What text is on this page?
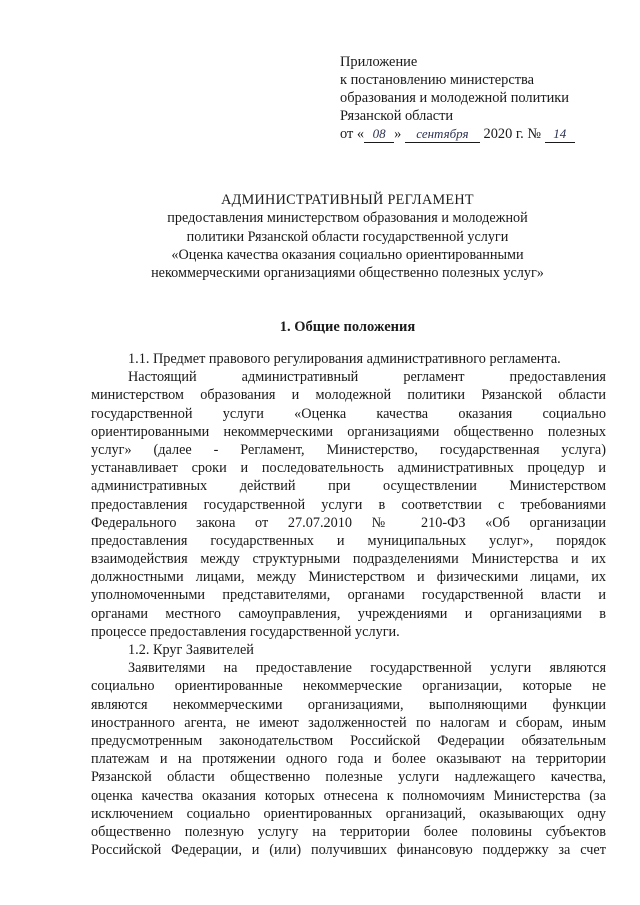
Приложение
к постановлению министерства
образования и молодежной политики
Рязанской области
от « 08 » сентября 2020 г. № 14
АДМИНИСТРАТИВНЫЙ РЕГЛАМЕНТ
предоставления министерством образования и молодежной
политики Рязанской области государственной услуги
«Оценка качества оказания социально ориентированными
некоммерческими организациями общественно полезных услуг»
1. Общие положения
1.1. Предмет правового регулирования административного регламента.
Настоящий административный регламент предоставления
министерством образования и молодежной политики Рязанской области
государственной услуги «Оценка качества оказания социально
ориентированными некоммерческими организациями общественно полезных
услуг» (далее - Регламент, Министерство, государственная услуга)
устанавливает сроки и последовательность административных процедур и
административных действий при осуществлении Министерством
предоставления государственной услуги в соответствии с требованиями
Федерального закона от 27.07.2010 № 210-ФЗ «Об организации
предоставления государственных и муниципальных услуг», порядок
взаимодействия между структурными подразделениями Министерства и их
должностными лицами, между Министерством и физическими лицами, их
уполномоченными представителями, органами государственной власти и
органами местного самоуправления, учреждениями и организациями в
процессе предоставления государственной услуги.
1.2. Круг Заявителей
Заявителями на предоставление государственной услуги являются
социально ориентированные некоммерческие организации, которые не
являются некоммерческими организациями, выполняющими функции
иностранного агента, не имеют задолженностей по налогам и сборам, иным
предусмотренным законодательством Российской Федерации обязательным
платежам и на протяжении одного года и более оказывают на территории
Рязанской области общественно полезные услуги надлежащего качества,
оценка качества оказания которых отнесена к полномочиям Министерства (за
исключением социально ориентированных организаций, оказывающих одну
общественно полезную услугу на территории более половины субъектов
Российской Федерации, и (или) получивших финансовую поддержку за счет
